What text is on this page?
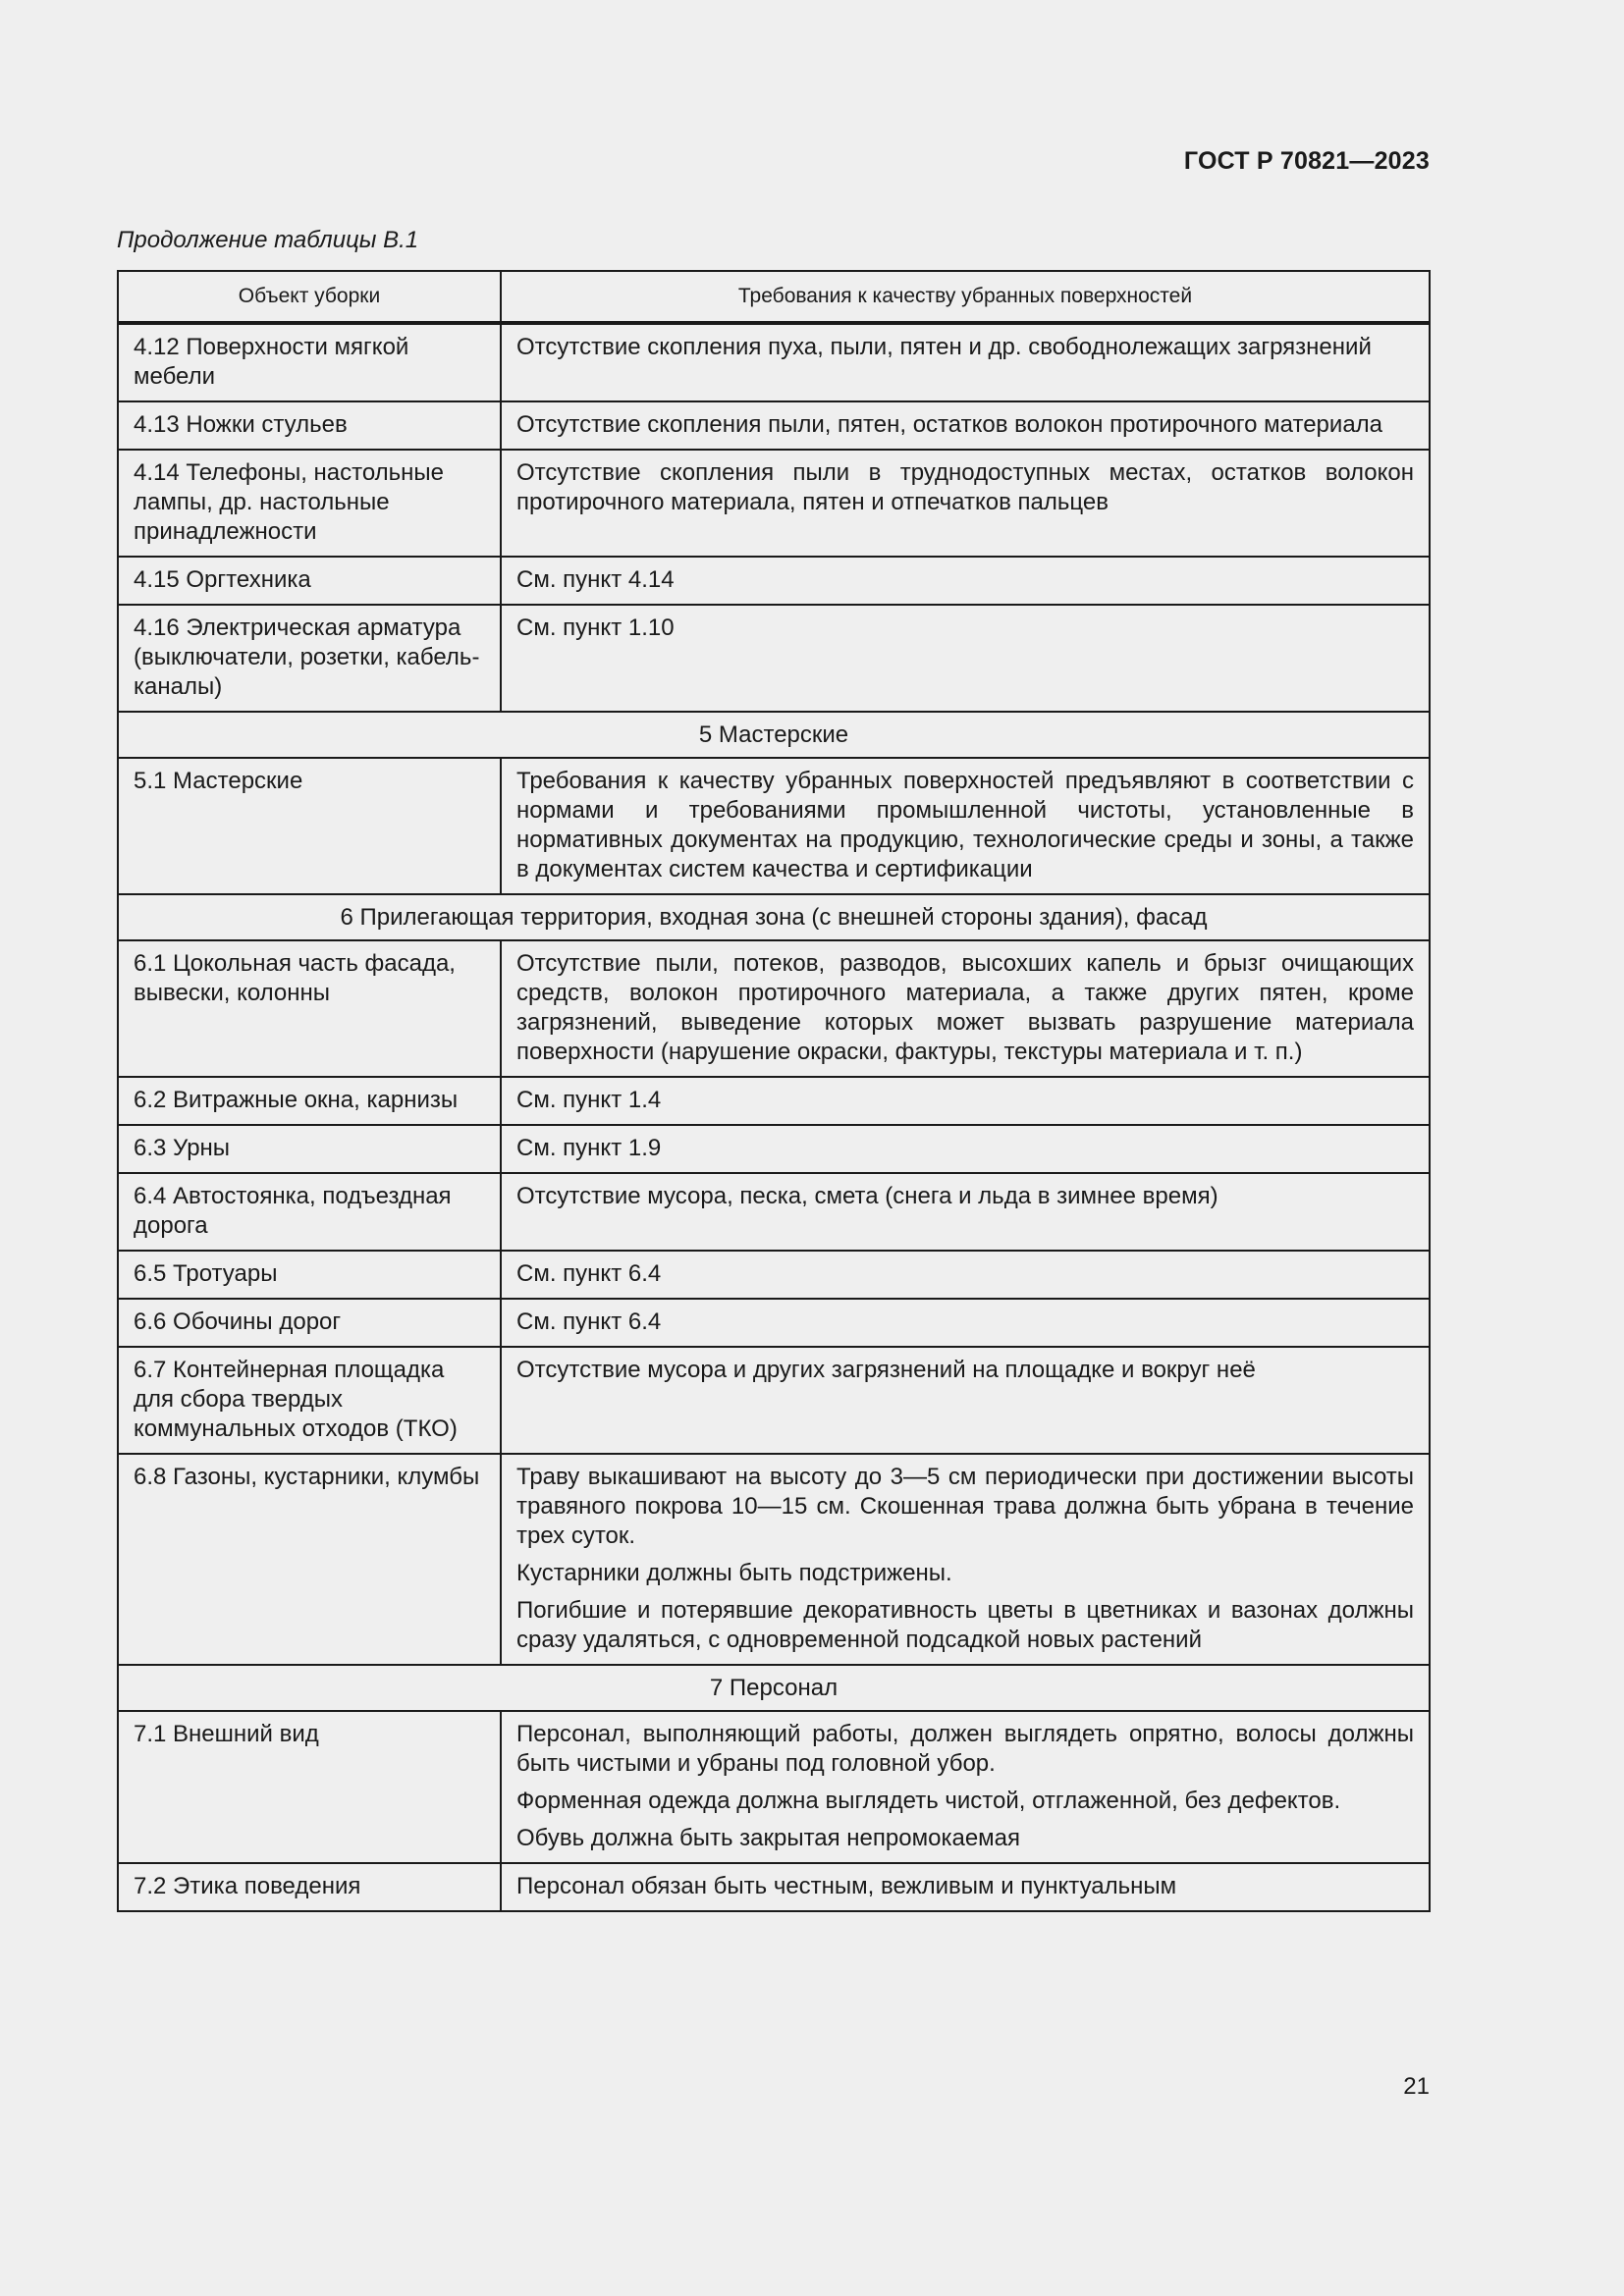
ГОСТ Р 70821—2023
Продолжение таблицы В.1
Объект уборки	Требования к качеству убранных поверхностей
4.12 Поверхности мягкой мебели	Отсутствие скопления пуха, пыли, пятен и др. свободнолежащих загрязнений

4.13 Ножки стульев	Отсутствие скопления пыли, пятен, остатков волокон протирочного материала

4.14 Телефоны, настольные лампы, др. настольные принадлежности	Отсутствие скопления пыли в труднодоступных местах, остатков волокон протирочного материала, пятен и отпечатков пальцев

4.15 Оргтехника	См. пункт 4.14

4.16 Электрическая арматура (выключатели, розетки, кабель-каналы)	См. пункт 1.10

5 Мастерские	
5.1 Мастерские	Требования к качеству убранных поверхностей предъявляют в соответствии с нормами и требованиями промышленной чистоты, установленные в нормативных документах на продукцию, технологические среды и зоны, а также в документах систем качества и сертификации

6 Прилегающая территория, входная зона (с внешней стороны здания), фасад	
6.1 Цокольная часть фасада, вывески, колонны	Отсутствие пыли, потеков, разводов, высохших капель и брызг очищающих средств, волокон протирочного материала, а также других пятен, кроме загрязнений, выведение которых может вызвать разрушение материала поверхности (нарушение окраски, фактуры, текстуры материала и т. п.)

6.2 Витражные окна, карнизы	См. пункт 1.4

6.3 Урны	См. пункт 1.9

6.4 Автостоянка, подъездная дорога	Отсутствие мусора, песка, смета (снега и льда в зимнее время)

6.5 Тротуары	См. пункт 6.4

6.6 Обочины дорог	См. пункт 6.4

6.7 Контейнерная площадка для сбора твердых коммунальных отходов (ТКО)	Отсутствие мусора и других загрязнений на площадке и вокруг неё

6.8 Газоны, кустарники, клумбы	Траву выкашивают на высоту до 3—5 см периодически при достижении высоты травяного покрова 10—15 см. Скошенная трава должна быть убрана в течение трех суток.

Кустарники должны быть подстрижены.

Погибшие и потерявшие декоративность цветы в цветниках и вазонах должны сразу удаляться, с одновременной подсадкой новых растений

7 Персонал	
7.1 Внешний вид	Персонал, выполняющий работы, должен выглядеть опрятно, волосы должны быть чистыми и убраны под головной убор.

Форменная одежда должна выглядеть чистой, отглаженной, без дефектов.

Обувь должна быть закрытая непромокаемая

7.2 Этика поведения	Персонал обязан быть честным, вежливым и пунктуальным

21
